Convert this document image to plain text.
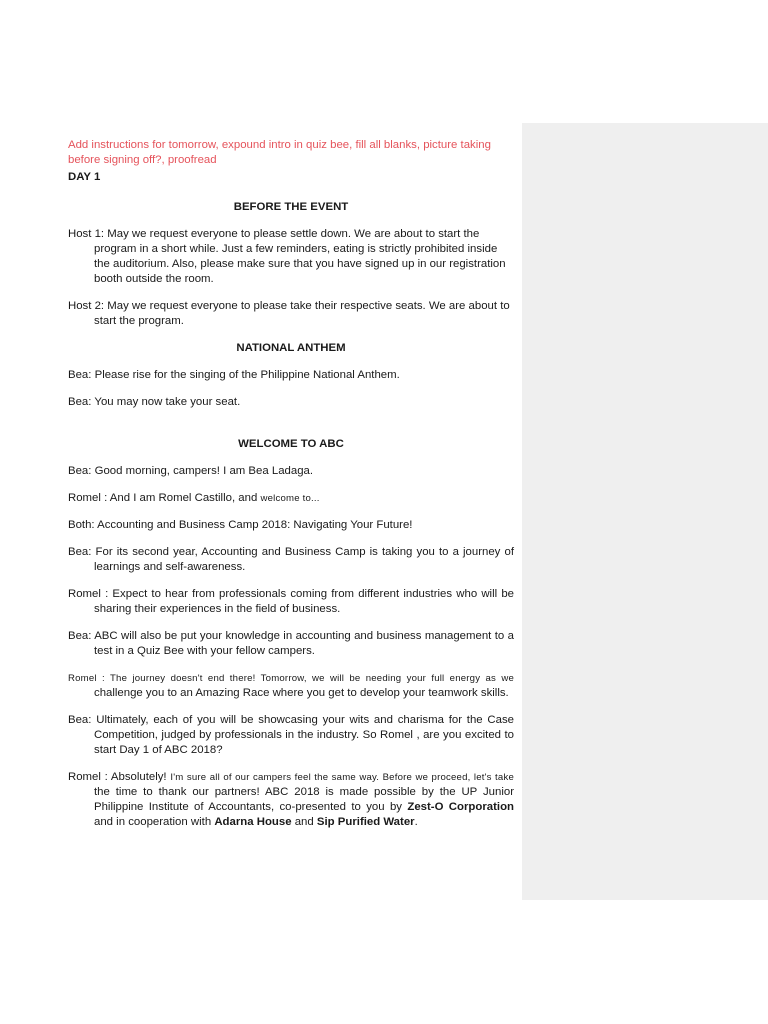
Add instructions for tomorrow, expound intro in quiz bee, fill all blanks, picture taking before signing off?, proofread

DAY 1

BEFORE THE EVENT

Host 1: May we request everyone to please settle down. We are about to start the program in a short while. Just a few reminders, eating is strictly prohibited inside the auditorium. Also, please make sure that you have signed up in our registration booth outside the room.

Host 2: May we request everyone to please take their respective seats. We are about to start the program.

NATIONAL ANTHEM

Bea: Please rise for the singing of the Philippine National Anthem.

Bea: You may now take your seat.

WELCOME TO ABC

Bea: Good morning, campers! I am Bea Ladaga.

Romel : And I am Romel Castillo, and welcome to...

Both: Accounting and Business Camp 2018: Navigating Your Future!

Bea: For its second year, Accounting and Business Camp is taking you to a journey of learnings and self-awareness.

Romel : Expect to hear from professionals coming from different industries who will be sharing their experiences in the field of business.

Bea: ABC will also be put your knowledge in accounting and business management to a test in a Quiz Bee with your fellow campers.

Romel : The journey doesn't end there! Tomorrow, we will be needing your full energy as we challenge you to an Amazing Race where you get to develop your teamwork skills.

Bea: Ultimately, each of you will be showcasing your wits and charisma for the Case Competition, judged by professionals in the industry. So Romel , are you excited to start Day 1 of ABC 2018?

Romel : Absolutely! I'm sure all of our campers feel the same way. Before we proceed, let's take the time to thank our partners! ABC 2018 is made possible by the UP Junior Philippine Institute of Accountants, co-presented to you by Zest-O Corporation and in cooperation with Adarna House and Sip Purified Water.
